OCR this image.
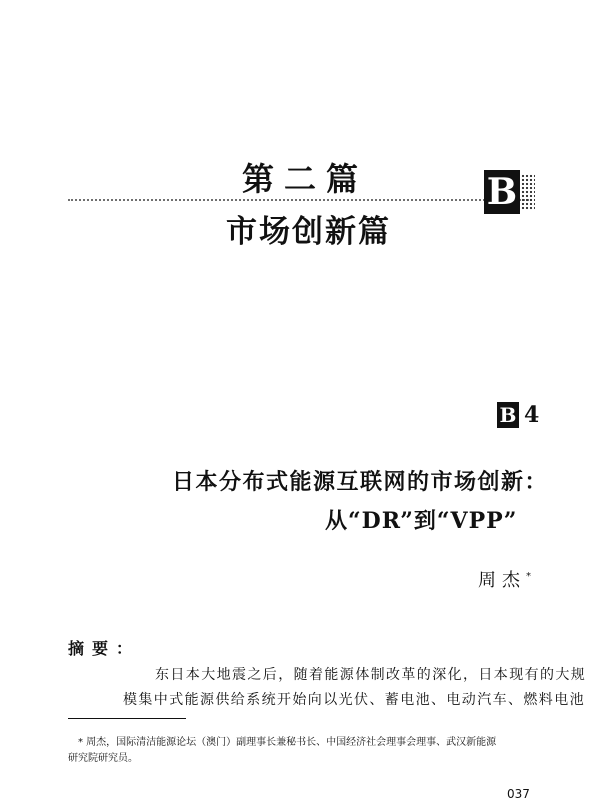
第二篇	B
市场创新篇
B 4
日本分布式能源互联网的市场创新：
从“DR”到“VPP”
周杰*
摘要：
东日本大地震之后，随着能源体制改革的深化，日本现有的大规
模集中式能源供给系统开始向以光伏、蓄电池、电动汽车、燃料电池
* 周杰，国际清洁能源论坛（澳门）副理事长兼秘书长、中国经济社会理事会理事、武汉新能源
研究院研究员。
037
